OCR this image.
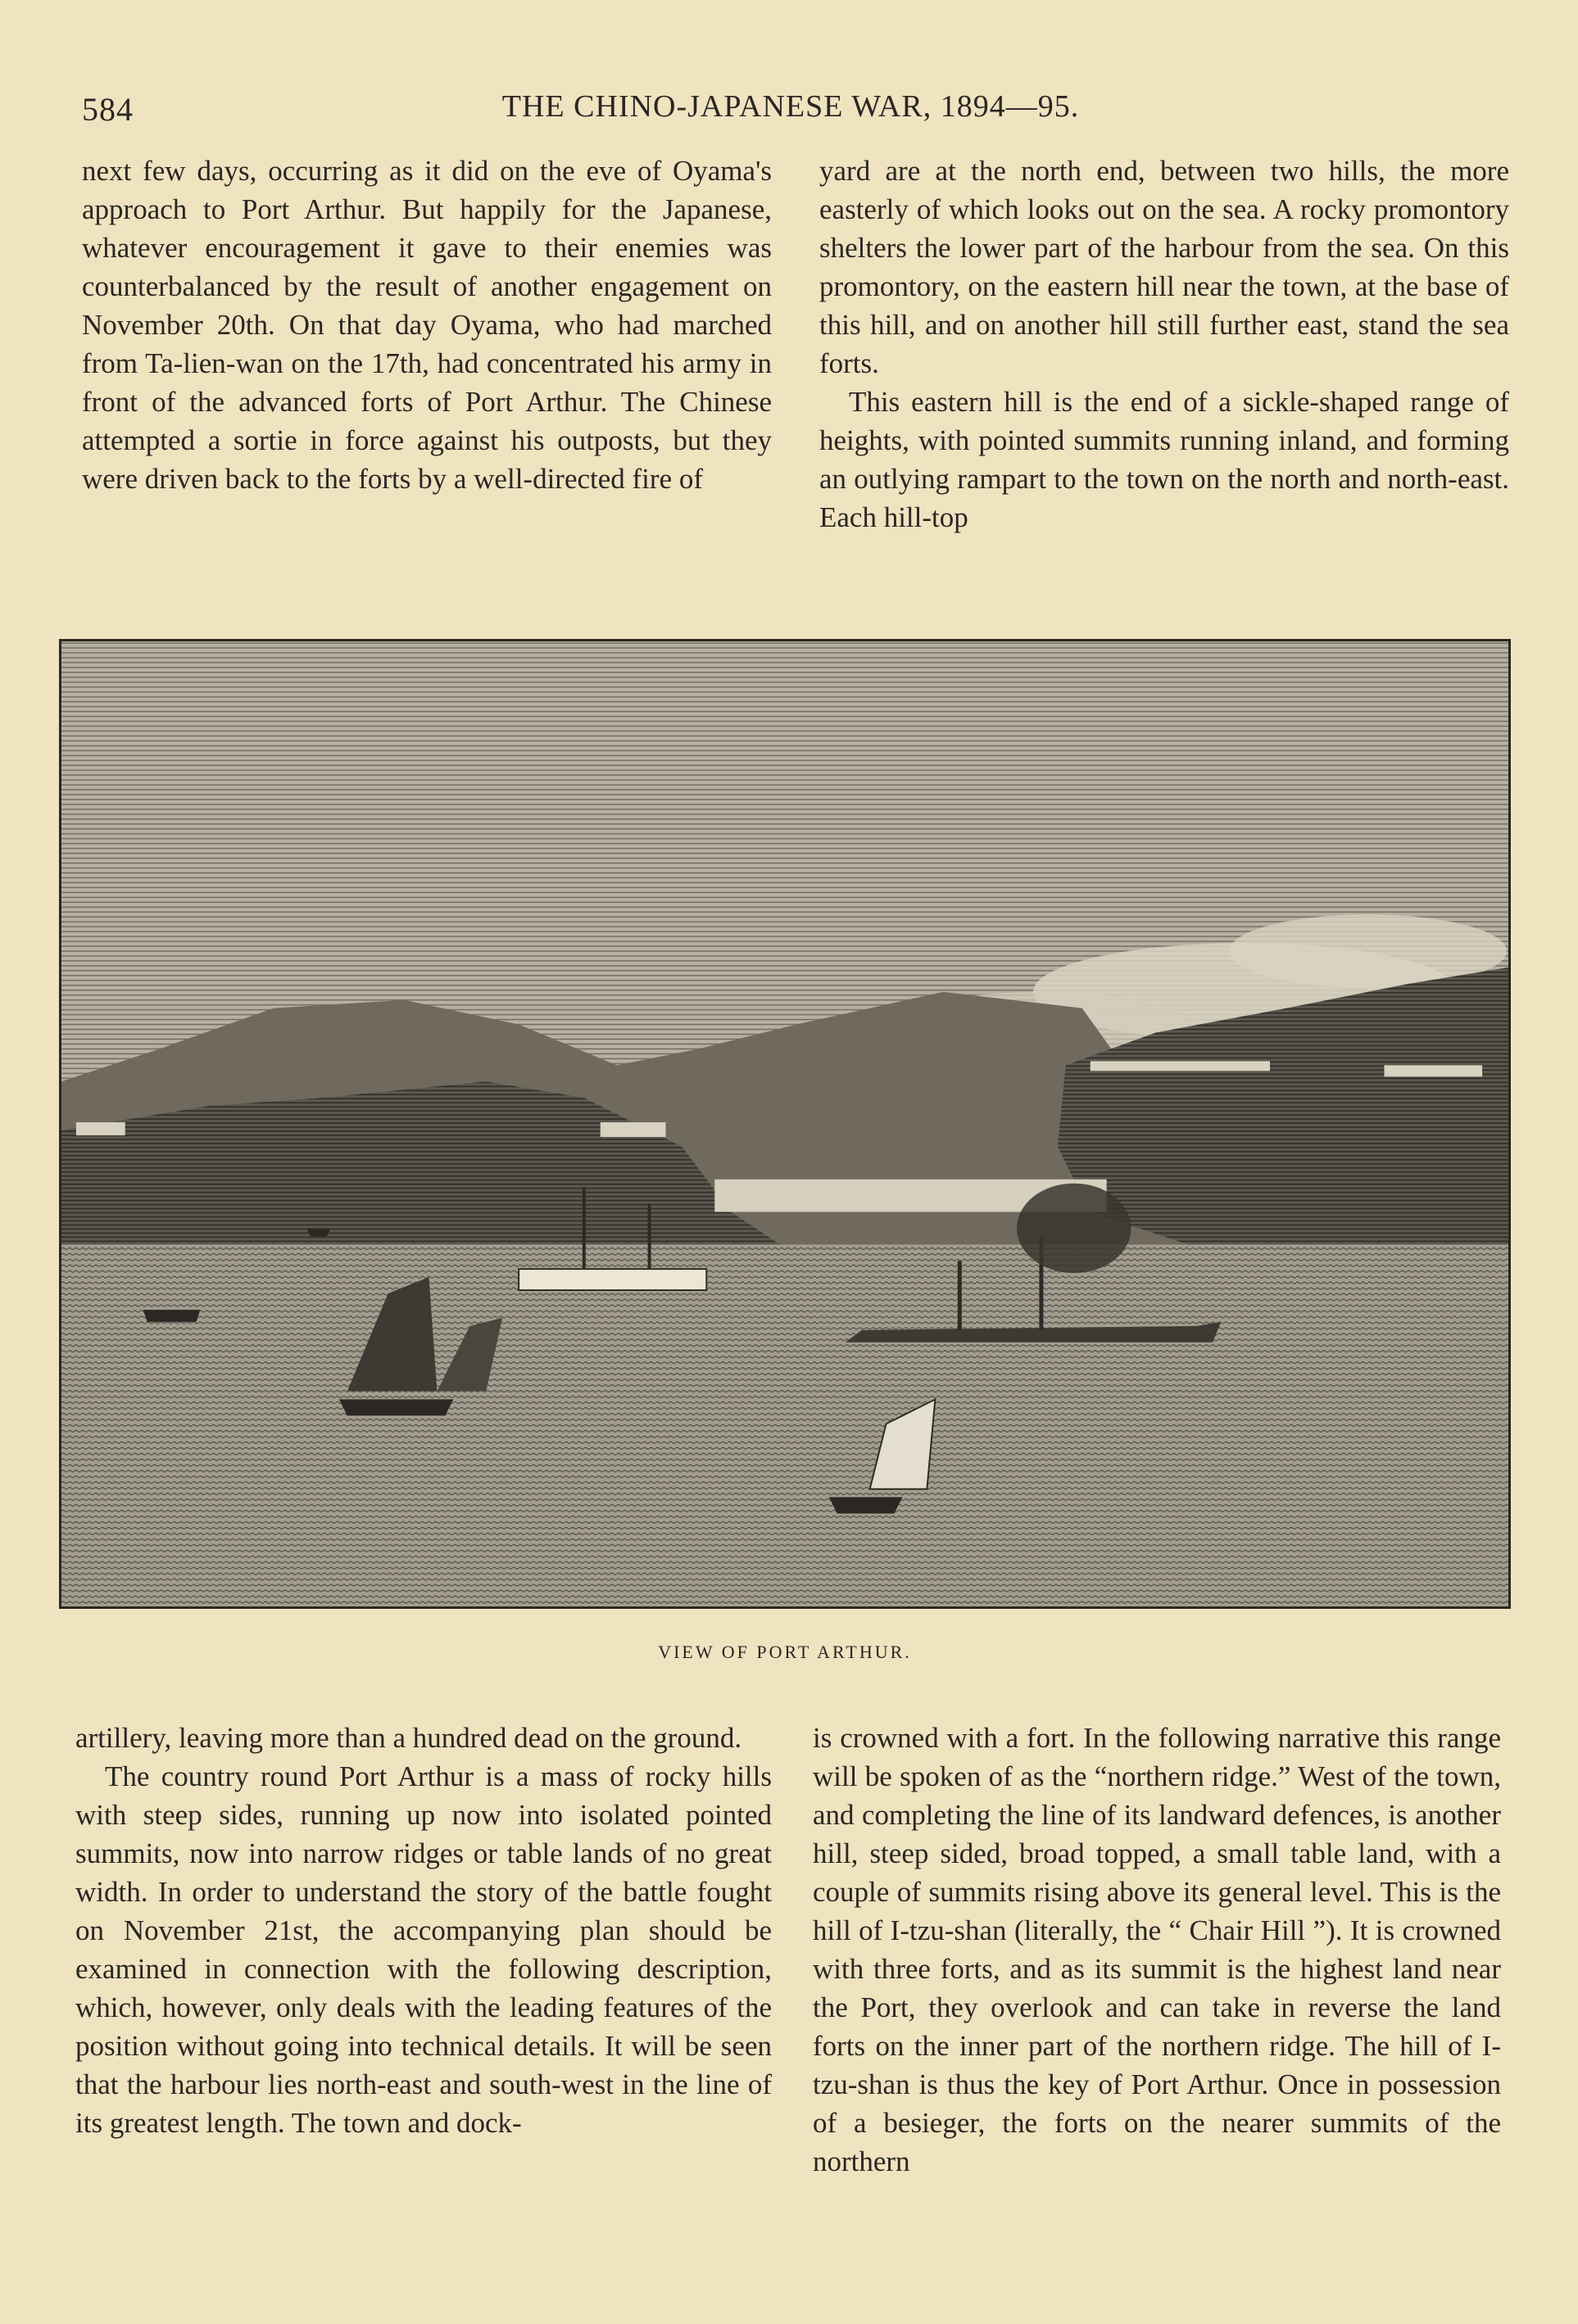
584	THE CHINO-JAPANESE WAR, 1894—95.

next few days, occurring as it did on the eve of Oyama's approach to Port Arthur. But happily for the Japanese, whatever encouragement it gave to their enemies was counterbalanced by the result of another engagement on November 20th. On that day Oyama, who had marched from Ta-lien-wan on the 17th, had concentrated his army in front of the advanced forts of Port Arthur. The Chinese attempted a sortie in force against his outposts, but they were driven back to the forts by a well-directed fire of

yard are at the north end, between two hills, the more easterly of which looks out on the sea. A rocky promontory shelters the lower part of the harbour from the sea. On this promontory, on the eastern hill near the town, at the base of this hill, and on another hill still further east, stand the sea forts.

This eastern hill is the end of a sickle-shaped range of heights, with pointed summits running inland, and forming an outlying rampart to the town on the north and north-east. Each hill-top

VIEW OF PORT ARTHUR.

artillery, leaving more than a hundred dead on the ground.

The country round Port Arthur is a mass of rocky hills with steep sides, running up now into isolated pointed summits, now into narrow ridges or table lands of no great width. In order to understand the story of the battle fought on November 21st, the accompanying plan should be examined in connection with the following description, which, however, only deals with the leading features of the position without going into technical details. It will be seen that the harbour lies north-east and south-west in the line of its greatest length. The town and dock-

is crowned with a fort. In the following narrative this range will be spoken of as the “northern ridge.” West of the town, and completing the line of its landward defences, is another hill, steep sided, broad topped, a small table land, with a couple of summits rising above its general level. This is the hill of I-tzu-shan (literally, the “ Chair Hill ”). It is crowned with three forts, and as its summit is the highest land near the Port, they overlook and can take in reverse the land forts on the inner part of the northern ridge. The hill of I-tzu-shan is thus the key of Port Arthur. Once in possession of a besieger, the forts on the nearer summits of the northern
